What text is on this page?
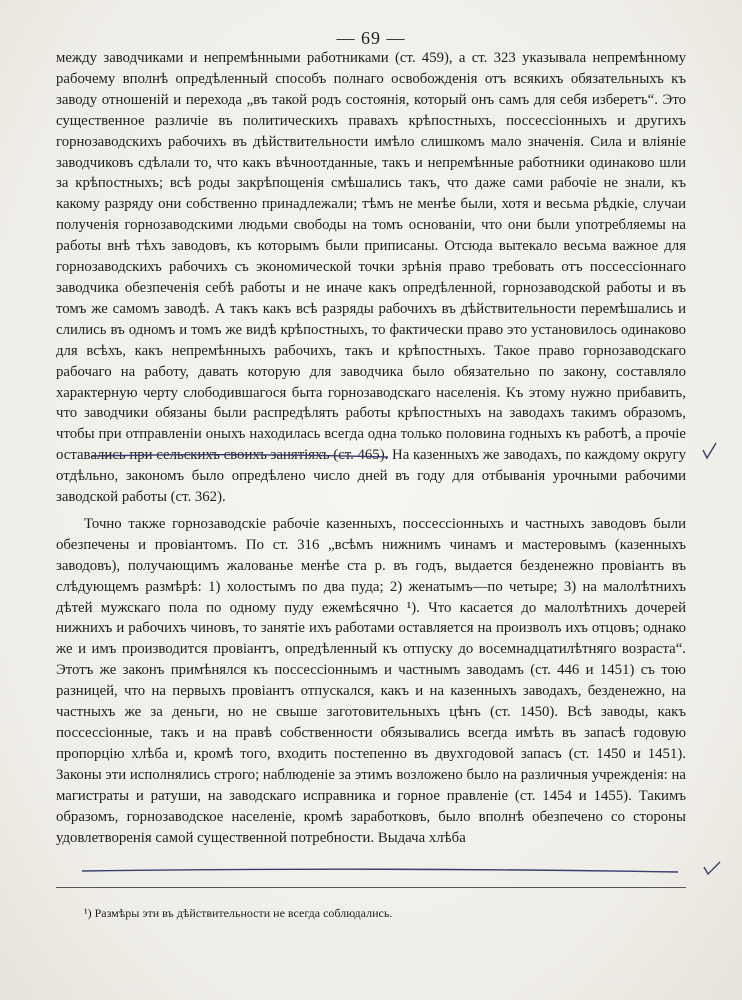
— 69 —

между заводчиками и непремѣнными работниками (ст. 459), а ст. 323 указывала непремѣнному рабочему вполнѣ опредѣленный способъ полнаго освобожденія отъ всякихъ обязательныхъ къ заводу отношеній и перехода „въ такой родъ состоянія, который онъ самъ для себя изберетъ“. Это существенное различіе въ политическихъ правахъ крѣпостныхъ, поссессіонныхъ и другихъ горнозаводскихъ рабочихъ въ дѣйствительности имѣло слишкомъ мало значенія. Сила и вліяніе заводчиковъ сдѣлали то, что какъ вѣчноотданные, такъ и непремѣнные работники одинаково шли за крѣпостныхъ; всѣ роды закрѣпощенія смѣшались такъ, что даже сами рабочіе не знали, къ какому разряду они собственно принадлежали; тѣмъ не менѣе были, хотя и весьма рѣдкіе, случаи полученія горнозаводскими людьми свободы на томъ основаніи, что они были употребляемы на работы внѣ тѣхъ заводовъ, къ которымъ были приписаны. Отсюда вытекало весьма важное для горнозаводскихъ рабочихъ съ экономической точки зрѣнія право требовать отъ поссессіоннаго заводчика обезпеченія себѣ работы и не иначе какъ опредѣленной, горнозаводской работы и въ томъ же самомъ заводѣ. А такъ какъ всѣ разряды рабочихъ въ дѣйствительности перемѣшались и слились въ одномъ и томъ же видѣ крѣпостныхъ, то фактически право это установилось одинаково для всѣхъ, какъ непремѣнныхъ рабочихъ, такъ и крѣпостныхъ. Такое право горнозаводскаго рабочаго на работу, давать которую для заводчика было обязательно по закону, составляло характерную черту слободившагося быта горнозаводскаго населенія. Къ этому нужно прибавить, что заводчики обязаны были распредѣлять работы крѣпостныхъ на заводахъ такимъ образомъ, чтобы при отправленіи оныхъ находилась всегда одна только половина годныхъ къ работѣ, а прочіе оставались при сельскихъ своихъ занятіяхъ (ст. 465). На казенныхъ же заводахъ, по каждому округу отдѣльно, закономъ было опредѣлено число дней въ году для отбыванія урочными рабочими заводской работы (ст. 362).

Точно также горнозаводскіе рабочіе казенныхъ, поссессіонныхъ и частныхъ заводовъ были обезпечены и провіантомъ. По ст. 316 „всѣмъ нижнимъ чинамъ и мастеровымъ (казенныхъ заводовъ), получающимъ жалованье менѣе ста р. въ годъ, выдается безденежно провіантъ въ слѣдующемъ размѣрѣ: 1) холостымъ по два пуда; 2) женатымъ—по четыре; 3) на малолѣтнихъ дѣтей мужскаго пола по одному пуду ежемѣсячно ¹). Что касается до малолѣтнихъ дочерей нижнихъ и рабочихъ чиновъ, то занятіе ихъ работами оставляется на произволъ ихъ отцовъ; однако же и имъ производится провіантъ, опредѣленный къ отпуску до восемнадцатилѣтняго возраста“. Этотъ же законъ примѣнялся къ поссессіоннымъ и частнымъ заводамъ (ст. 446 и 1451) съ тою разницей, что на первыхъ провіантъ отпускался, какъ и на казенныхъ заводахъ, безденежно, на частныхъ же за деньги, но не свыше заготовительныхъ цѣнъ (ст. 1450). Всѣ заводы, какъ поссессіонные, такъ и на правѣ собственности обязывались всегда имѣть въ запасѣ годовую пропорцію хлѣба и, кромѣ того, входить постепенно въ двухгодовой запасъ (ст. 1450 и 1451). Законы эти исполнялись строго; наблюденіе за этимъ возложено было на различныя учрежденія: на магистраты и ратуши, на заводскаго исправника и горное правленіе (ст. 1454 и 1455). Такимъ образомъ, горнозаводское населеніе, кромѣ заработковъ, было вполнѣ обезпечено со стороны удовлетворенія самой существенной потребности. Выдача хлѣба

¹) Размѣры эти въ дѣйствительности не всегда соблюдались.
